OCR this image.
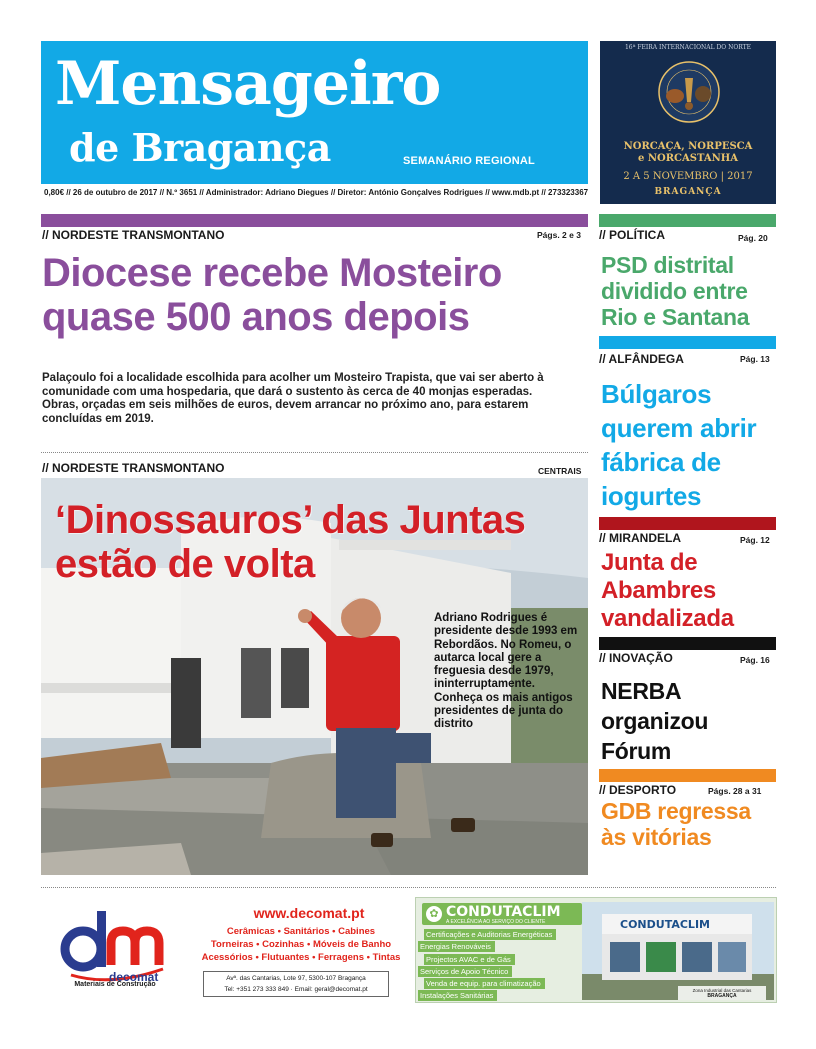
Mensageiro
de Bragança	SEMANÁRIO REGIONAL
0,80€ // 26 de outubro de 2017 // N.º 3651 // Administrador: Adriano Diegues // Diretor: António Gonçalves Rodrigues // www.mdb.pt // 273323367
16ª FEIRA INTERNACIONAL DO NORTE
NORCAÇA, NORPESCA
e NORCASTANHA
2 A 5 NOVEMBRO | 2017
BRAGANÇA
// NORDESTE TRANSMONTANO	Págs. 2 e 3
Diocese recebe Mosteiro quase 500 anos depois
Palaçoulo foi a localidade escolhida para acolher um Mosteiro Trapista, que vai ser aberto à comunidade com uma hospedaria, que dará o sustento às cerca de 40 monjas esperadas.
Obras, orçadas em seis milhões de euros, devem arrancar no próximo ano, para estarem concluídas em 2019.
// NORDESTE TRANSMONTANO	CENTRAIS
‘Dinossauros’ das Juntas estão de volta
Adriano Rodrigues é presidente desde 1993 em Rebordãos. No Romeu, o autarca local gere a freguesia desde 1979, ininterruptamente. Conheça os mais antigos presidentes de junta do distrito
// POLÍTICA	Pág. 20
PSD distrital dividido entre Rio e Santana
// ALFÂNDEGA	Pág. 13
Búlgaros querem abrir fábrica de iogurtes
// MIRANDELA	Pág. 12
Junta de Abambres vandalizada
// INOVAÇÃO	Pág. 16
NERBA organizou Fórum
// DESPORTO	Págs. 28 a 31
GDB regressa às vitórias
decomat
Materiais de Construção
www.decomat.pt
Cerâmicas • Sanitários • Cabines
Torneiras • Cozinhas • Móveis de Banho
Acessórios • Flutuantes • Ferragens • Tintas
Avª. das Cantarias, Lote 97, 5300-107 Bragança
Tel: +351 273 333 849 · Email: geral@decomat.pt
✿ CONDUTACLIM
A EXCELÊNCIA AO SERVIÇO DO CLIENTE
Certificações e Auditorias Energéticas
Energias Renováveis
Projectos AVAC e de Gás
Serviços de Apoio Técnico
Venda de equip. para climatização
Instalações Sanitárias
CONDUTACLIM
Zona Industrial das Cantarias
BRAGANÇA
